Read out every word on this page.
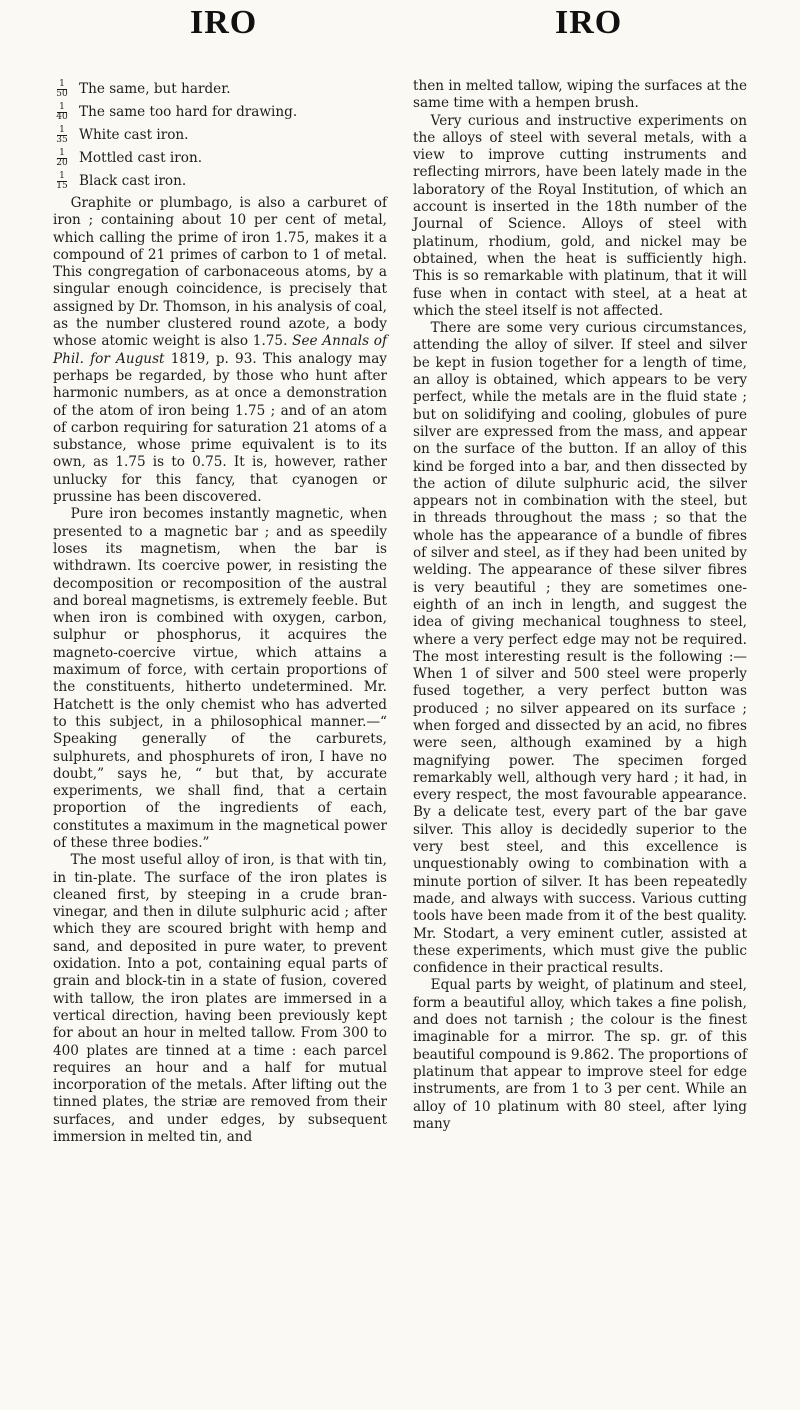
IRO	IRO
$\frac{1}{50}$ The same, but harder.
$\frac{1}{40}$ The same too hard for drawing.
$\frac{1}{35}$ White cast iron.
$\frac{1}{20}$ Mottled cast iron.
$\frac{1}{15}$ Black cast iron.

Graphite or plumbago, is also a carburet of iron ; containing about 10 per cent of metal, which calling the prime of iron 1.75, makes it a compound of 21 primes of carbon to 1 of metal. This congregation of carbonaceous atoms, by a singular enough coincidence, is precisely that assigned by Dr. Thomson, in his analysis of coal, as the number clustered round azote, a body whose atomic weight is also 1.75. See Annals of Phil. for August 1819, p. 93. This analogy may perhaps be regarded, by those who hunt after harmonic numbers, as at once a demonstration of the atom of iron being 1.75 ; and of an atom of carbon requiring for saturation 21 atoms of a substance, whose prime equivalent is to its own, as 1.75 is to 0.75. It is, however, rather unlucky for this fancy, that cyanogen or prussine has been discovered.

Pure iron becomes instantly magnetic, when presented to a magnetic bar ; and as speedily loses its magnetism, when the bar is withdrawn. Its coercive power, in resisting the decomposition or recomposition of the austral and boreal magnetisms, is extremely feeble. But when iron is combined with oxygen, carbon, sulphur or phosphorus, it acquires the magneto-coercive virtue, which attains a maximum of force, with certain proportions of the constituents, hitherto undetermined. Mr. Hatchett is the only chemist who has adverted to this subject, in a philosophical manner.—“ Speaking generally of the carburets, sulphurets, and phosphurets of iron, I have no doubt,” says he, “ but that, by accurate experiments, we shall find, that a certain proportion of the ingredients of each, constitutes a maximum in the magnetical power of these three bodies.”

The most useful alloy of iron, is that with tin, in tin-plate. The surface of the iron plates is cleaned first, by steeping in a crude bran-vinegar, and then in dilute sulphuric acid ; after which they are scoured bright with hemp and sand, and deposited in pure water, to prevent oxidation. Into a pot, containing equal parts of grain and block-tin in a state of fusion, covered with tallow, the iron plates are immersed in a vertical direction, having been previously kept for about an hour in melted tallow. From 300 to 400 plates are tinned at a time : each parcel requires an hour and a half for mutual incorporation of the metals. After lifting out the tinned plates, the striæ are removed from their surfaces, and under edges, by subsequent immersion in melted tin, and

then in melted tallow, wiping the surfaces at the same time with a hempen brush.

Very curious and instructive experiments on the alloys of steel with several metals, with a view to improve cutting instruments and reflecting mirrors, have been lately made in the laboratory of the Royal Institution, of which an account is inserted in the 18th number of the Journal of Science. Alloys of steel with platinum, rhodium, gold, and nickel may be obtained, when the heat is sufficiently high. This is so remarkable with platinum, that it will fuse when in contact with steel, at a heat at which the steel itself is not affected.

There are some very curious circumstances, attending the alloy of silver. If steel and silver be kept in fusion together for a length of time, an alloy is obtained, which appears to be very perfect, while the metals are in the fluid state ; but on solidifying and cooling, globules of pure silver are expressed from the mass, and appear on the surface of the button. If an alloy of this kind be forged into a bar, and then dissected by the action of dilute sulphuric acid, the silver appears not in combination with the steel, but in threads throughout the mass ; so that the whole has the appearance of a bundle of fibres of silver and steel, as if they had been united by welding. The appearance of these silver fibres is very beautiful ; they are sometimes one-eighth of an inch in length, and suggest the idea of giving mechanical toughness to steel, where a very perfect edge may not be required. The most interesting result is the following :—When 1 of silver and 500 steel were properly fused together, a very perfect button was produced ; no silver appeared on its surface ; when forged and dissected by an acid, no fibres were seen, although examined by a high magnifying power. The specimen forged remarkably well, although very hard ; it had, in every respect, the most favourable appearance. By a delicate test, every part of the bar gave silver. This alloy is decidedly superior to the very best steel, and this excellence is unquestionably owing to combination with a minute portion of silver. It has been repeatedly made, and always with success. Various cutting tools have been made from it of the best quality. Mr. Stodart, a very eminent cutler, assisted at these experiments, which must give the public confidence in their practical results.

Equal parts by weight, of platinum and steel, form a beautiful alloy, which takes a fine polish, and does not tarnish ; the colour is the finest imaginable for a mirror. The sp. gr. of this beautiful compound is 9.862. The proportions of platinum that appear to improve steel for edge instruments, are from 1 to 3 per cent. While an alloy of 10 platinum with 80 steel, after lying many
